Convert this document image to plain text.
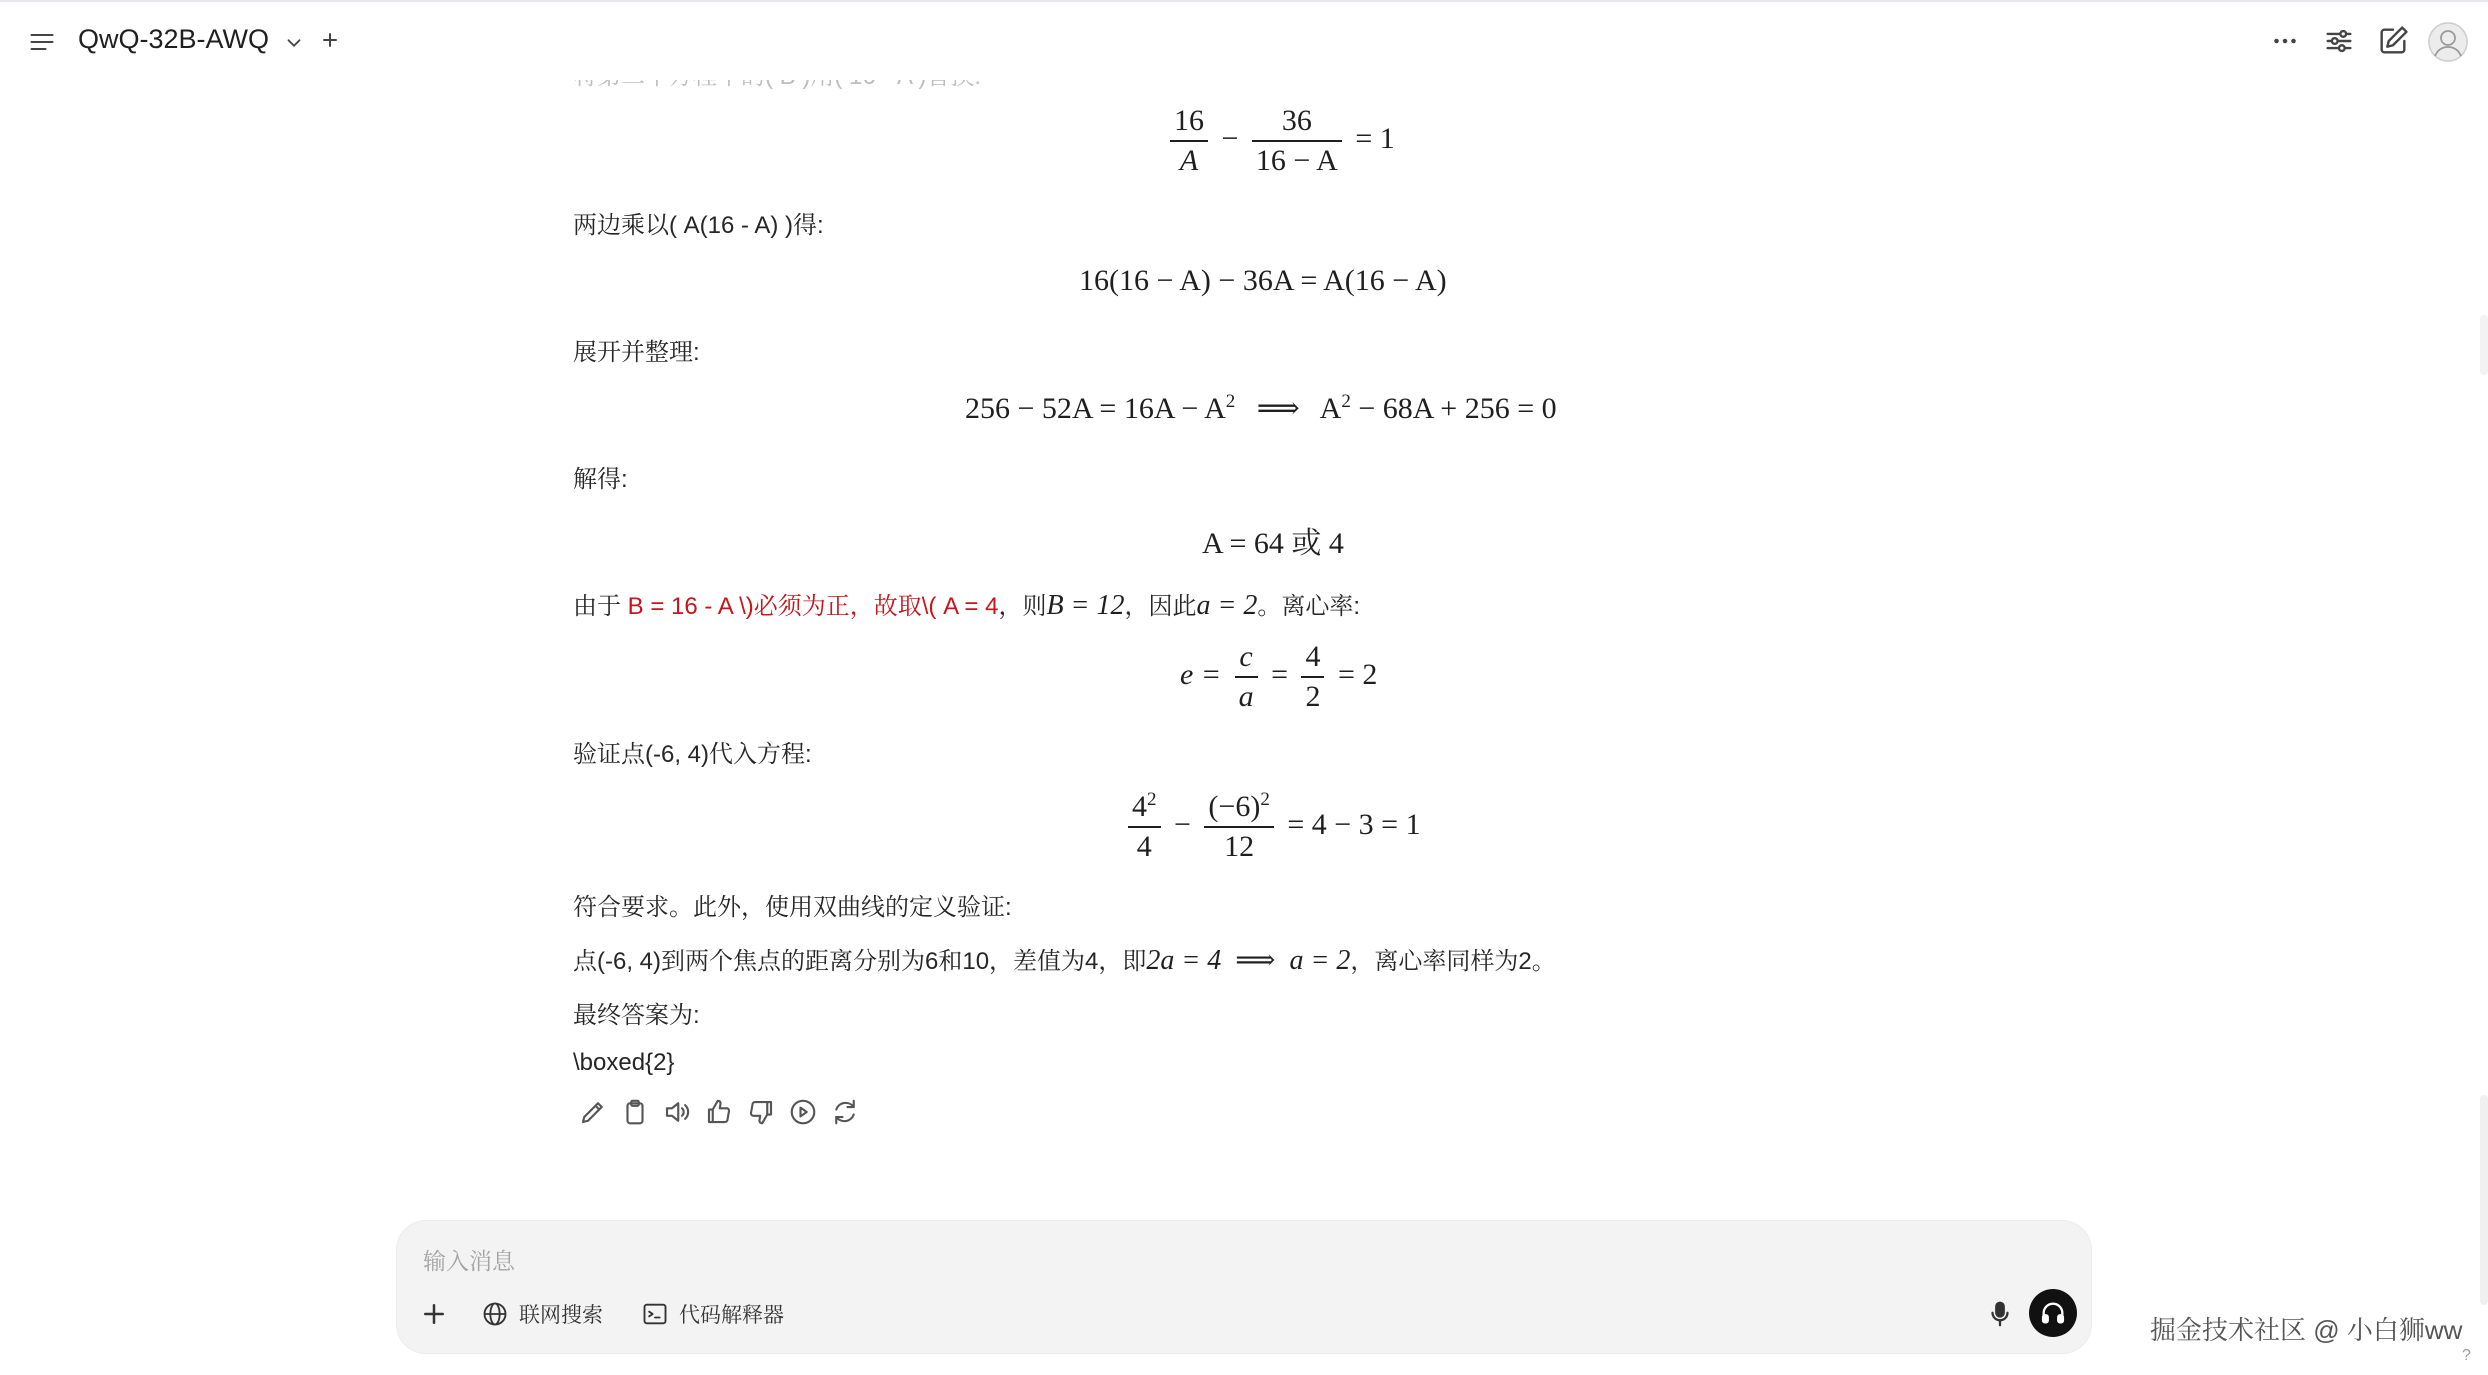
$\frac{16}{A} - \frac{36}{16 - A} = 1$
两边乘以( A(16 - A) )得:
16(16 − A) − 36A = A(16 − A)
展开并整理:
$256 - 52A = 16A - A^2$ ⟹ $A^2 - 68A + 256 = 0$
解得:
A = 64 或 4
由于 B = 16 - A \)必须为正，故取\( A = 4，则B = 12，因此a = 2。离心率:
$e = \frac{c}{a} = \frac{4}{2} = 2$
验证点(-6, 4)代入方程:
$\frac{4^2}{4} - \frac{(-6)^2}{12} = 4 - 3 = 1$
符合要求。此外，使用双曲线的定义验证:
点(-6, 4)到两个焦点的距离分别为6和10，差值为4，即2a = 4  ⟹  a = 2，离心率同样为2。
最终答案为:
\boxed{2}
QwQ-32B-AWQ
输入消息
联网搜索	代码解释器	掘金技术社区 @ 小白狮ww
?
